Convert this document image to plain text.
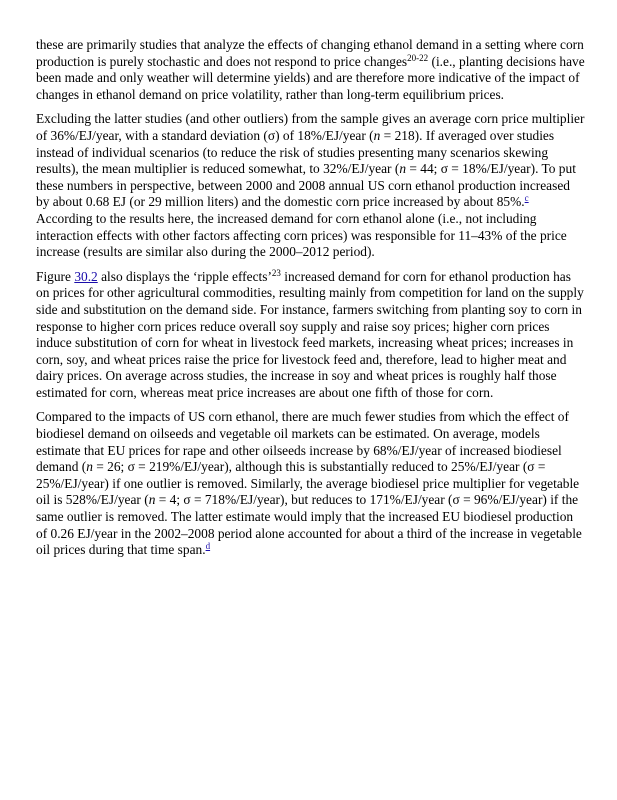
these are primarily studies that analyze the effects of changing ethanol demand in a setting where corn production is purely stochastic and does not respond to price changes$^{20-22}$ (i.e., planting decisions have been made and only weather will determine yields) and are therefore more indicative of the impact of changes in ethanol demand on price volatility, rather than long-term equilibrium prices.

Excluding the latter studies (and other outliers) from the sample gives an average corn price multiplier of 36%/EJ/year, with a standard deviation (σ) of 18%/EJ/year (n = 218). If averaged over studies instead of individual scenarios (to reduce the risk of studies presenting many scenarios skewing results), the mean multiplier is reduced somewhat, to 32%/EJ/year (n = 44; σ = 18%/EJ/year). To put these numbers in perspective, between 2000 and 2008 annual US corn ethanol production increased by about 0.68 EJ (or 29 million liters) and the domestic corn price increased by about 85%.$^c$ According to the results here, the increased demand for corn ethanol alone (i.e., not including interaction effects with other factors affecting corn prices) was responsible for 11–43% of the price increase (results are similar also during the 2000–2012 period).

Figure 30.2 also displays the ‘ripple effects’$^{23}$ increased demand for corn for ethanol production has on prices for other agricultural commodities, resulting mainly from competition for land on the supply side and substitution on the demand side. For instance, farmers switching from planting soy to corn in response to higher corn prices reduce overall soy supply and raise soy prices; higher corn prices induce substitution of corn for wheat in livestock feed markets, increasing wheat prices; increases in corn, soy, and wheat prices raise the price for livestock feed and, therefore, lead to higher meat and dairy prices. On average across studies, the increase in soy and wheat prices is roughly half those estimated for corn, whereas meat price increases are about one fifth of those for corn.

Compared to the impacts of US corn ethanol, there are much fewer studies from which the effect of biodiesel demand on oilseeds and vegetable oil markets can be estimated. On average, models estimate that EU prices for rape and other oilseeds increase by 68%/EJ/year of increased biodiesel demand (n = 26; σ = 219%/EJ/year), although this is substantially reduced to 25%/EJ/year (σ = 25%/EJ/year) if one outlier is removed. Similarly, the average biodiesel price multiplier for vegetable oil is 528%/EJ/year (n = 4; σ = 718%/EJ/year), but reduces to 171%/EJ/year (σ = 96%/EJ/year) if the same outlier is removed. The latter estimate would imply that the increased EU biodiesel production of 0.26 EJ/year in the 2002–2008 period alone accounted for about a third of the increase in vegetable oil prices during that time span.$^d$
